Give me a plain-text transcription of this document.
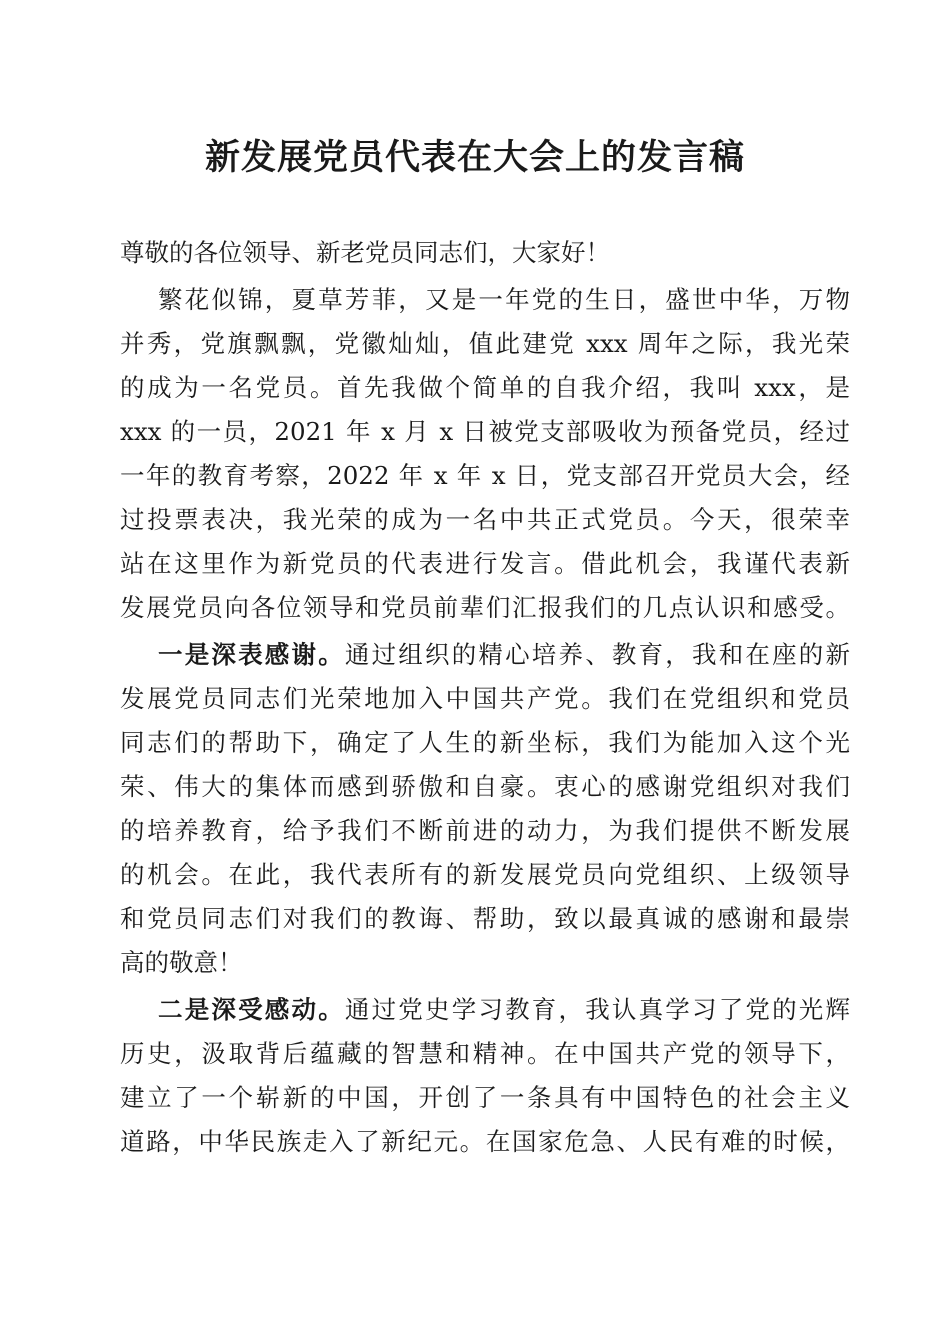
新发展党员代表在大会上的发言稿
尊敬的各位领导、新老党员同志们，大家好！
繁花似锦，夏草芳菲，又是一年党的生日，盛世中华，万物
并秀，党旗飘飘，党徽灿灿，值此建党 xxx 周年之际，我光荣
的成为一名党员。首先我做个简单的自我介绍，我叫 xxx，是
xxx 的一员，2021 年 x 月 x 日被党支部吸收为预备党员，经过
一年的教育考察，2022 年 x 年 x 日，党支部召开党员大会，经
过投票表决，我光荣的成为一名中共正式党员。今天，很荣幸
站在这里作为新党员的代表进行发言。借此机会，我谨代表新
发展党员向各位领导和党员前辈们汇报我们的几点认识和感受。
一是深表感谢。通过组织的精心培养、教育，我和在座的新
发展党员同志们光荣地加入中国共产党。我们在党组织和党员
同志们的帮助下，确定了人生的新坐标，我们为能加入这个光
荣、伟大的集体而感到骄傲和自豪。衷心的感谢党组织对我们
的培养教育，给予我们不断前进的动力，为我们提供不断发展
的机会。在此，我代表所有的新发展党员向党组织、上级领导
和党员同志们对我们的教诲、帮助，致以最真诚的感谢和最崇
高的敬意！
二是深受感动。通过党史学习教育，我认真学习了党的光辉
历史，汲取背后蕴藏的智慧和精神。在中国共产党的领导下，
建立了一个崭新的中国，开创了一条具有中国特色的社会主义
道路，中华民族走入了新纪元。在国家危急、人民有难的时候，
